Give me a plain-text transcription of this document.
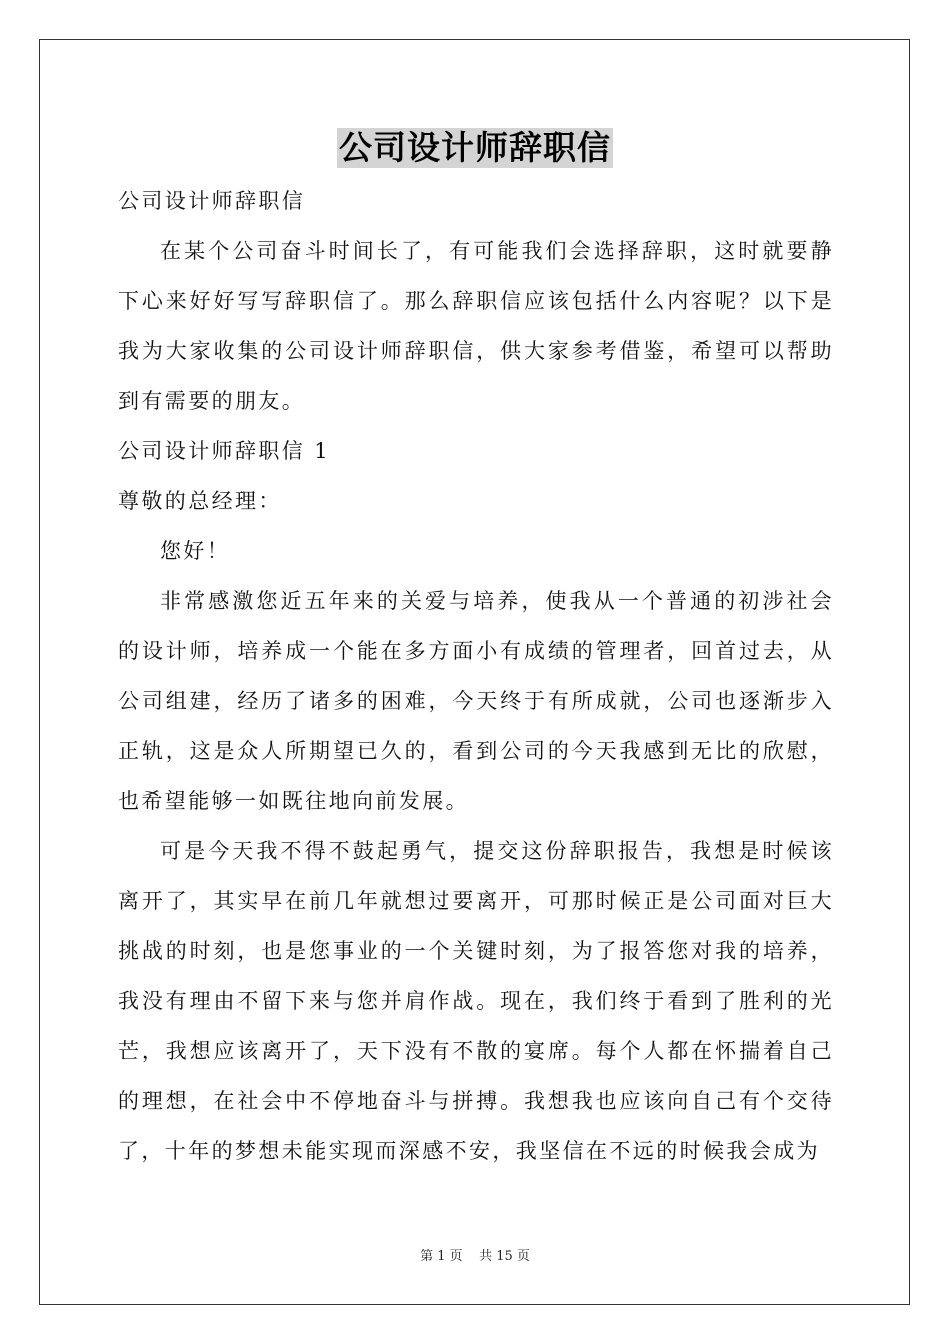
公司设计师辞职信

公司设计师辞职信

在某个公司奋斗时间长了，有可能我们会选择辞职，这时就要静下心来好好写写辞职信了。那么辞职信应该包括什么内容呢？以下是我为大家收集的公司设计师辞职信，供大家参考借鉴，希望可以帮助到有需要的朋友。

公司设计师辞职信 1

尊敬的总经理：

您好！

非常感激您近五年来的关爱与培养，使我从一个普通的初涉社会的设计师，培养成一个能在多方面小有成绩的管理者，回首过去，从公司组建，经历了诸多的困难，今天终于有所成就，公司也逐渐步入正轨，这是众人所期望已久的，看到公司的今天我感到无比的欣慰，也希望能够一如既往地向前发展。

可是今天我不得不鼓起勇气，提交这份辞职报告，我想是时候该离开了，其实早在前几年就想过要离开，可那时候正是公司面对巨大挑战的时刻，也是您事业的一个关键时刻，为了报答您对我的培养，我没有理由不留下来与您并肩作战。现在，我们终于看到了胜利的光芒，我想应该离开了，天下没有不散的宴席。每个人都在怀揣着自己的理想，在社会中不停地奋斗与拼搏。我想我也应该向自己有个交待了，十年的梦想未能实现而深感不安，我坚信在不远的时候我会成为

第 1 页    共 15 页
